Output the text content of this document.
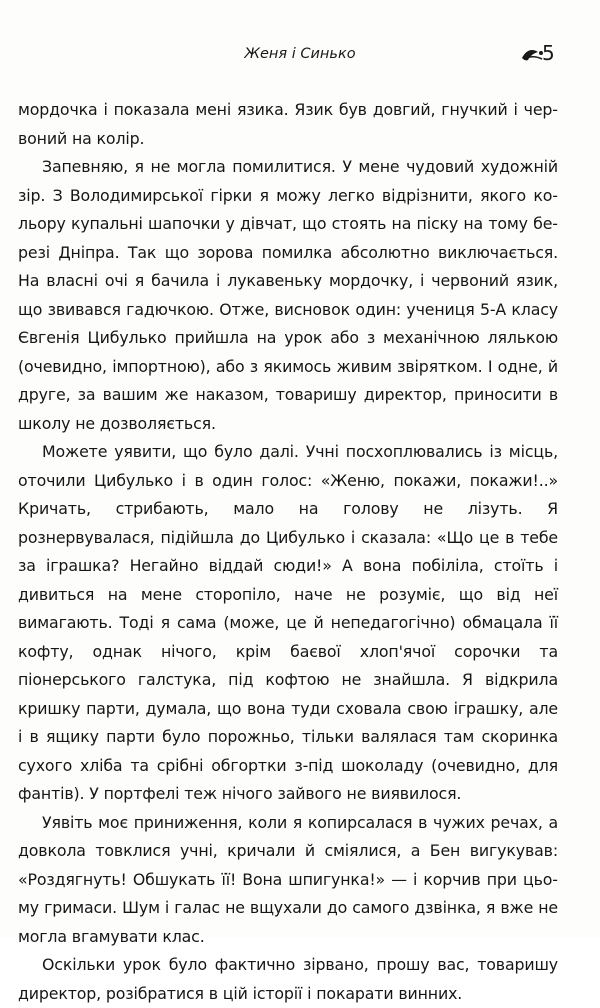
Женя і Синько	5

мордочка і показала мені язика. Язик був довгий, гнучкий і червоний на колір.

Запевняю, я не могла помилитися. У мене чудовий художній зір. З Володимирської гірки я можу легко відрізнити, якого кольору купальні шапочки у дівчат, що стоять на піску на тому березі Дніпра. Так що зорова помилка абсолютно виключається. На власні очі я бачила і лукавеньку мордочку, і червоний язик, що звивався гадючкою. Отже, висновок один: учениця 5-А класу Євгенія Цибулько прийшла на урок або з механічною лялькою (очевидно, імпортною), або з якимось живим звірятком. І одне, й друге, за вашим же наказом, товаришу директор, приносити в школу не дозволяється.

Можете уявити, що було далі. Учні посхоплювались із місць, оточили Цибулько і в один голос: «Женю, покажи, покажи!..» Кричать, стрибають, мало на голову не лізуть. Я рознервувалася, підійшла до Цибулько і сказала: «Що це в тебе за іграшка? Негайно віддай сюди!» А вона побіліла, стоїть і дивиться на мене сторопіло, наче не розуміє, що від неї вимагають. Тоді я сама (може, це й непедагогічно) обмацала її кофту, однак нічого, крім баєвої хлоп'ячої сорочки та піонерського галстука, під кофтою не знайшла. Я відкрила кришку парти, думала, що вона туди сховала свою іграшку, але і в ящику парти було порожньо, тільки валялася там скоринка сухого хліба та срібні обгортки з-під шоколаду (очевидно, для фантів). У портфелі теж нічого зайвого не виявилося.

Уявіть моє приниження, коли я копирсалася в чужих речах, а довкола товклися учні, кричали й сміялися, а Бен вигукував: «Роздягнуть! Обшукать її! Вона шпигунка!» — і корчив при цьому гримаси. Шум і галас не вщухали до самого дзвінка, я вже не могла вгамувати клас.

Оскільки урок було фактично зірвано, прошу вас, товаришу директор, розібратися в цій історії і покарати винних.
